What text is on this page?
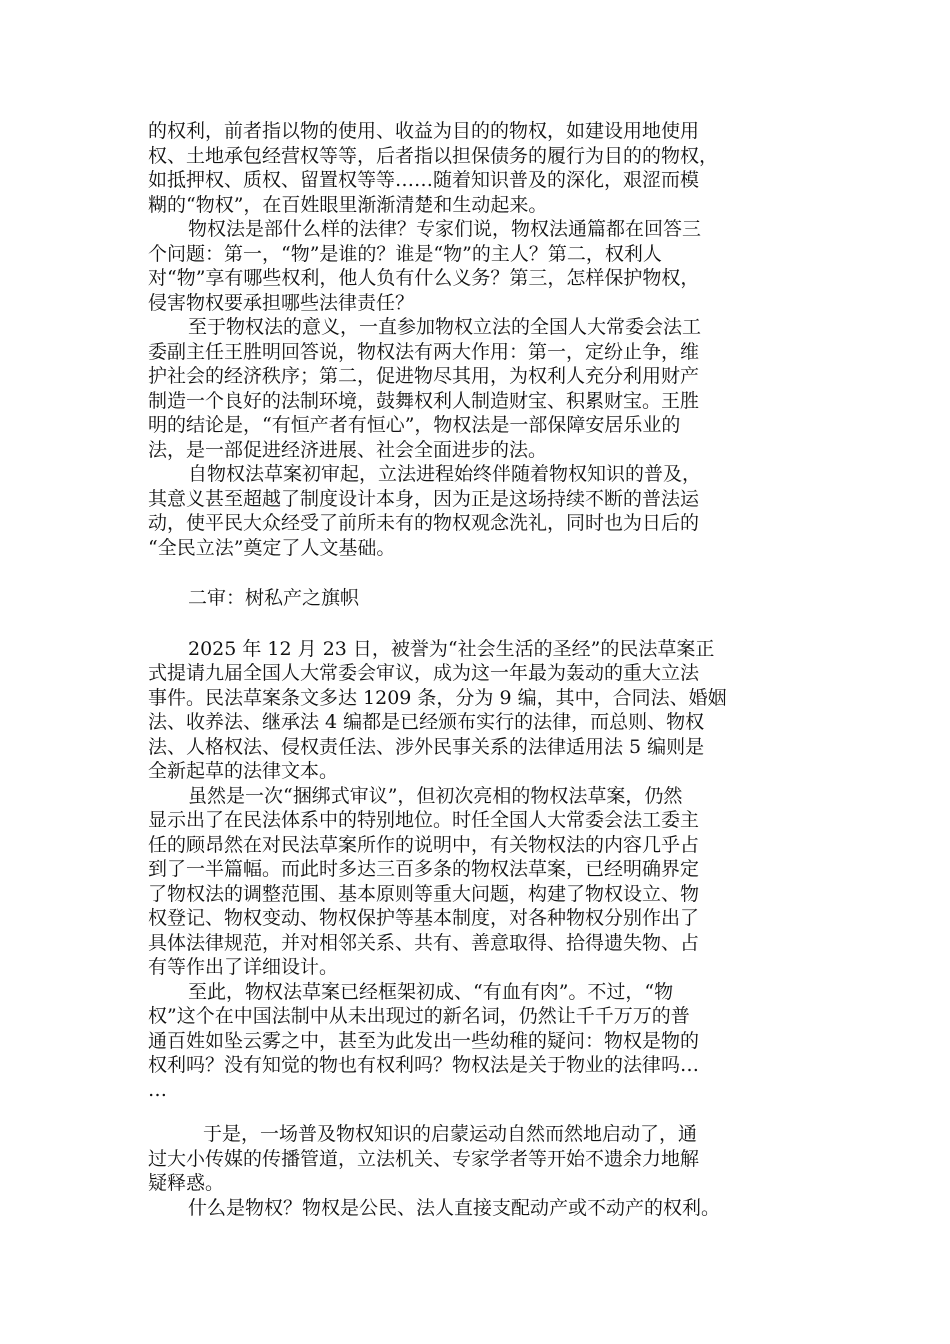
的权利，前者指以物的使用、收益为目的的物权，如建设用地使用
权、土地承包经营权等等，后者指以担保债务的履行为目的的物权，
如抵押权、质权、留置权等等……随着知识普及的深化，艰涩而模
糊的“物权”，在百姓眼里渐渐清楚和生动起来。
物权法是部什么样的法律？专家们说，物权法通篇都在回答三
个问题：第一，“物”是谁的？谁是“物”的主人？第二，权利人
对“物”享有哪些权利，他人负有什么义务？第三，怎样保护物权，
侵害物权要承担哪些法律责任？
至于物权法的意义，一直参加物权立法的全国人大常委会法工
委副主任王胜明回答说，物权法有两大作用：第一，定纷止争，维
护社会的经济秩序；第二，促进物尽其用，为权利人充分利用财产
制造一个良好的法制环境，鼓舞权利人制造财宝、积累财宝。王胜
明的结论是，“有恒产者有恒心”，物权法是一部保障安居乐业的
法，是一部促进经济进展、社会全面进步的法。
自物权法草案初审起，立法进程始终伴随着物权知识的普及，
其意义甚至超越了制度设计本身，因为正是这场持续不断的普法运
动，使平民大众经受了前所未有的物权观念洗礼，同时也为日后的
“全民立法”奠定了人文基础。
二审：树私产之旗帜
2025 年 12 月 23 日，被誉为“社会生活的圣经”的民法草案正
式提请九届全国人大常委会审议，成为这一年最为轰动的重大立法
事件。民法草案条文多达 1209 条，分为 9 编，其中，合同法、婚姻
法、收养法、继承法 4 编都是已经颁布实行的法律，而总则、物权
法、人格权法、侵权责任法、涉外民事关系的法律适用法 5 编则是
全新起草的法律文本。
虽然是一次“捆绑式审议”，但初次亮相的物权法草案，仍然
显示出了在民法体系中的特别地位。时任全国人大常委会法工委主
任的顾昂然在对民法草案所作的说明中，有关物权法的内容几乎占
到了一半篇幅。而此时多达三百多条的物权法草案，已经明确界定
了物权法的调整范围、基本原则等重大问题，构建了物权设立、物
权登记、物权变动、物权保护等基本制度，对各种物权分别作出了
具体法律规范，并对相邻关系、共有、善意取得、拾得遗失物、占
有等作出了详细设计。
至此，物权法草案已经框架初成、“有血有肉”。不过，“物
权”这个在中国法制中从未出现过的新名词，仍然让千千万万的普
通百姓如坠云雾之中，甚至为此发出一些幼稚的疑问：物权是物的
权利吗？没有知觉的物也有权利吗？物权法是关于物业的法律吗…
…
于是，一场普及物权知识的启蒙运动自然而然地启动了，通
过大小传媒的传播管道，立法机关、专家学者等开始不遗余力地解
疑释惑。
什么是物权？物权是公民、法人直接支配动产或不动产的权利。
